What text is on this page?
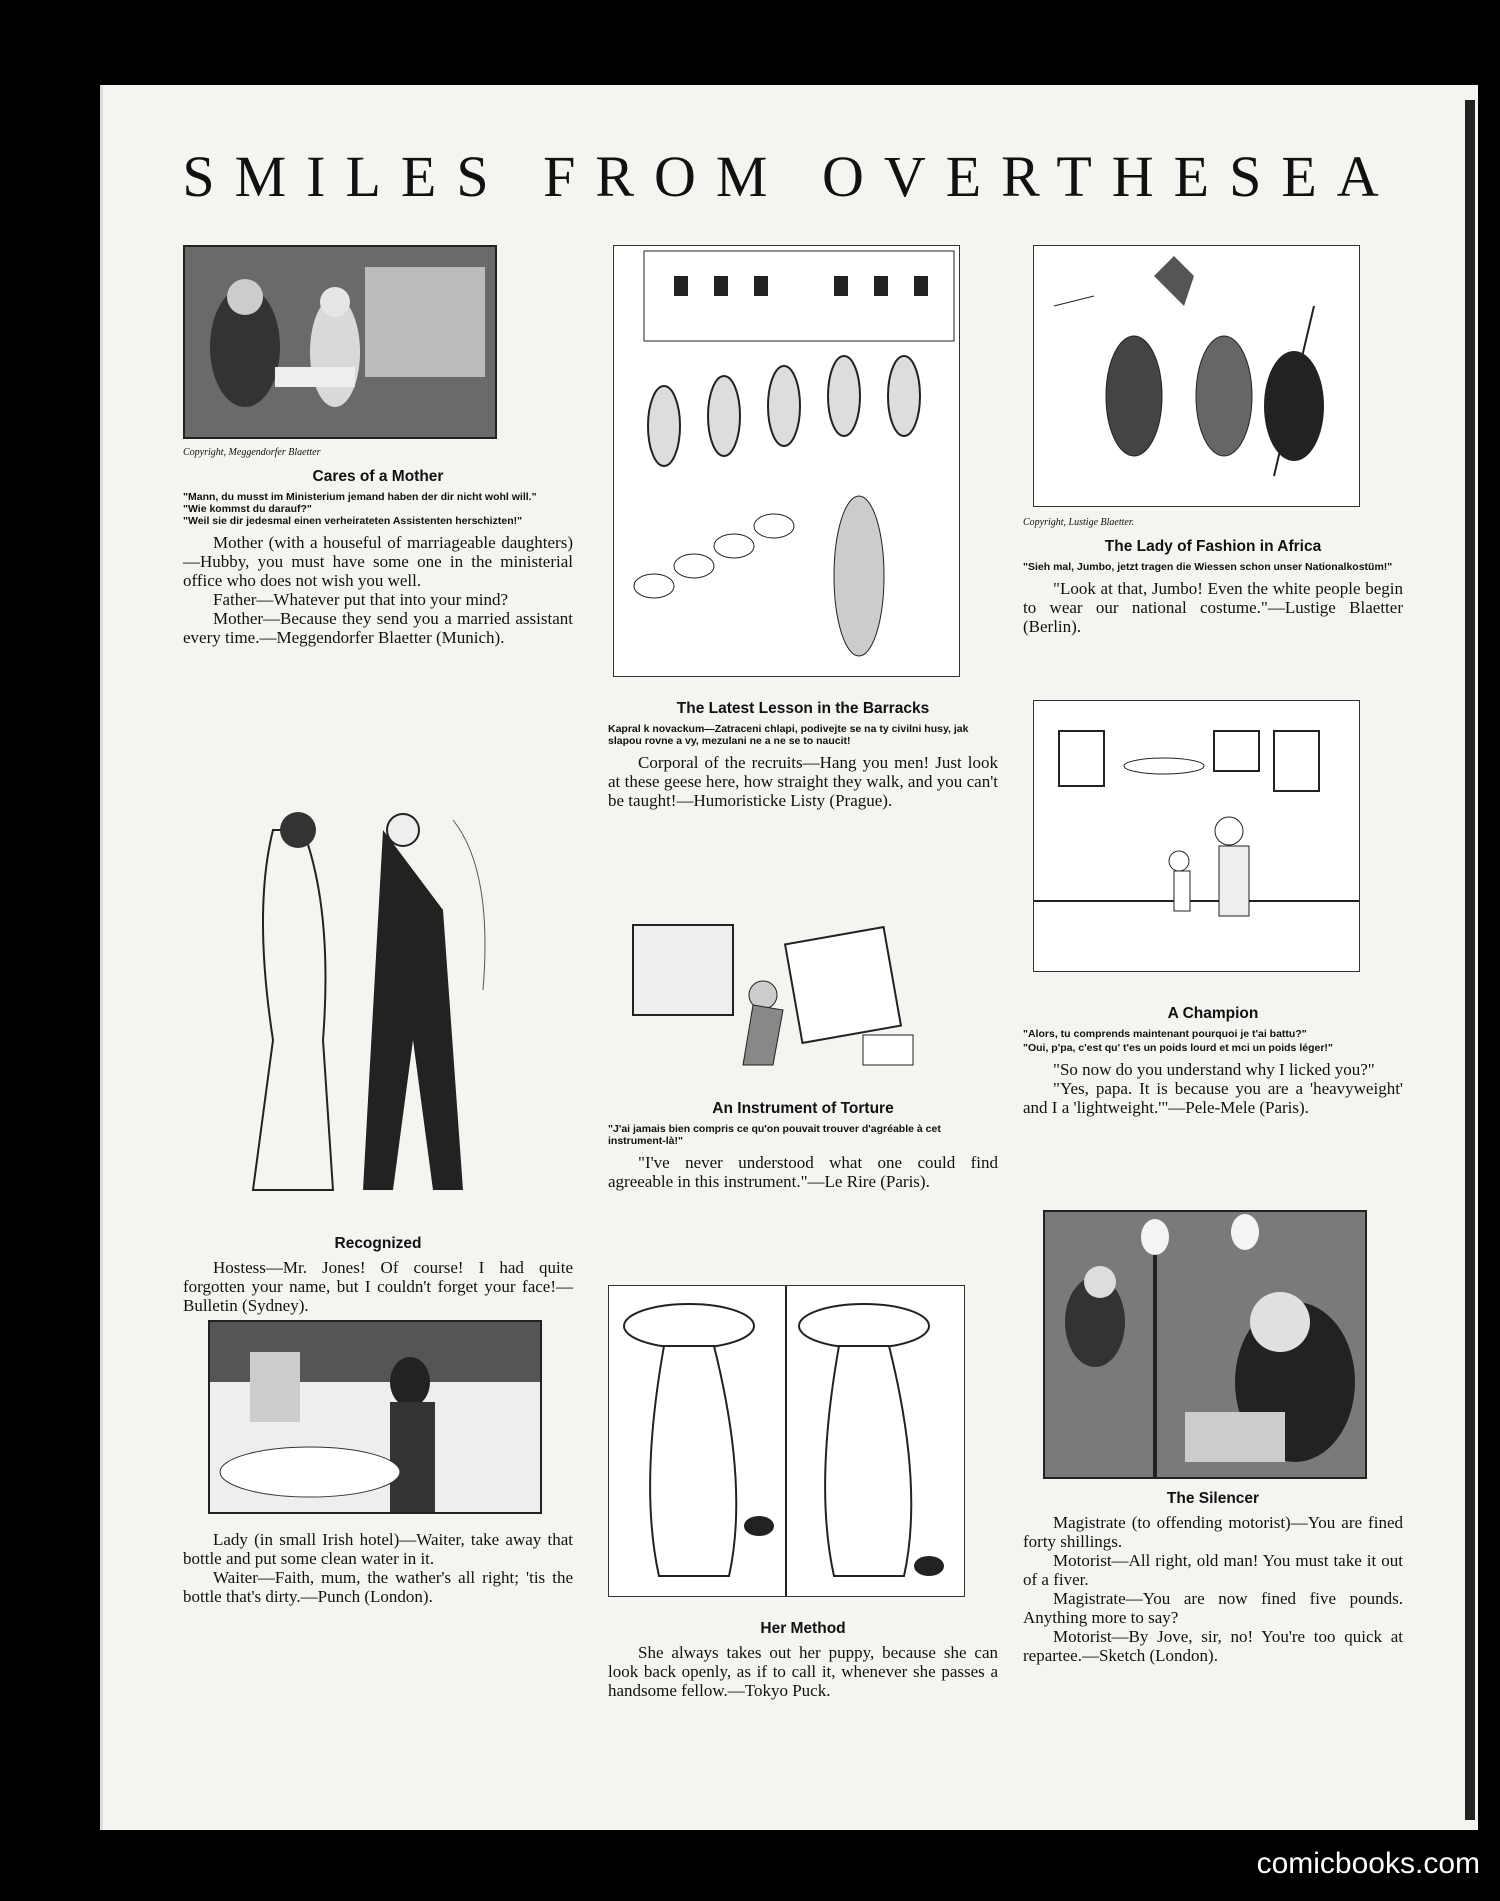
SMILES FROM OVERTHESEA

Copyright, Meggendorfer Blaetter

Cares of a Mother

"Mann, du musst im Ministerium jemand haben der dir nicht wohl will."

"Wie kommst du darauf?"

"Weil sie dir jedesmal einen verheirateten Assistenten herschizten!"

Mother (with a houseful of marriageable daughters)—Hubby, you must have some one in the ministerial office who does not wish you well.

Father—Whatever put that into your mind?

Mother—Because they send you a married assistant every time.—Meggendorfer Blaetter (Munich).

Recognized

Hostess—Mr. Jones! Of course! I had quite forgotten your name, but I couldn't forget your face!—Bulletin (Sydney).

Lady (in small Irish hotel)—Waiter, take away that bottle and put some clean water in it.

Waiter—Faith, mum, the wather's all right; 'tis the bottle that's dirty.—Punch (London).

The Latest Lesson in the Barracks

Kapral k novackum—Zatraceni chlapi, podivejte se na ty civilni husy, jak slapou rovne a vy, mezulani ne a ne se to naucit!

Corporal of the recruits—Hang you men! Just look at these geese here, how straight they walk, and you can't be taught!—Humoristicke Listy (Prague).

An Instrument of Torture

"J'ai jamais bien compris ce qu'on pouvait trouver d'agréable à cet instrument-là!"

"I've never understood what one could find agreeable in this instrument."—Le Rire (Paris).

Her Method

She always takes out her puppy, because she can look back openly, as if to call it, whenever she passes a handsome fellow.—Tokyo Puck.

Copyright, Lustige Blaetter.

The Lady of Fashion in Africa

"Sieh mal, Jumbo, jetzt tragen die Wiessen schon unser Nationalkostüm!"

"Look at that, Jumbo! Even the white people begin to wear our national costume."—Lustige Blaetter (Berlin).

A Champion

"Alors, tu comprends maintenant pourquoi je t'ai battu?"

"Oui, p'pa, c'est qu' t'es un poids lourd et mci un poids léger!"

"So now do you understand why I licked you?"

"Yes, papa. It is because you are a 'heavyweight' and I a 'lightweight.'"—Pele-Mele (Paris).

The Silencer

Magistrate (to offending motorist)—You are fined forty shillings.

Motorist—All right, old man! You must take it out of a fiver.

Magistrate—You are now fined five pounds. Anything more to say?

Motorist—By Jove, sir, no! You're too quick at repartee.—Sketch (London).

comicbooks.com
